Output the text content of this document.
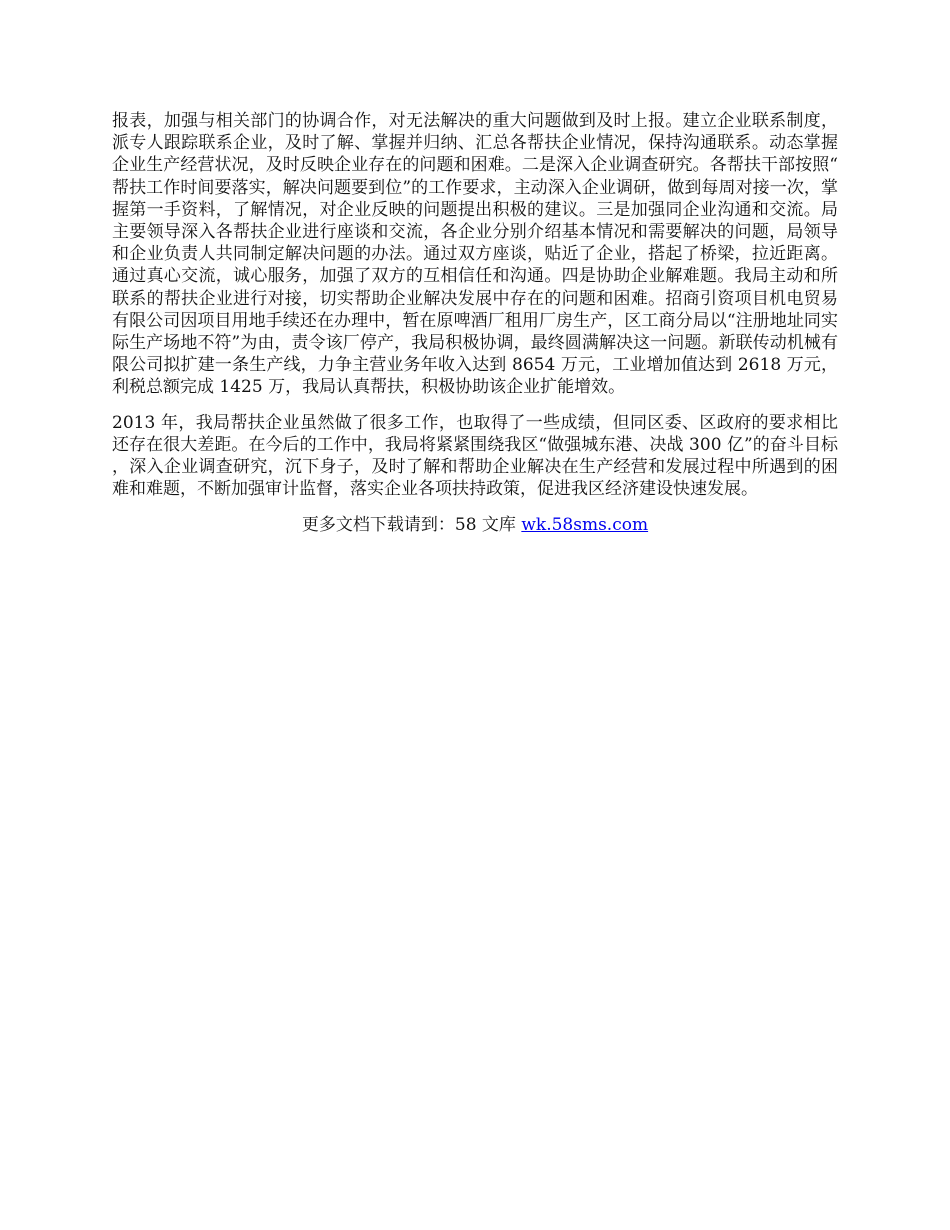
报表，加强与相关部门的协调合作，对无法解决的重大问题做到及时上报。建立企业联系制度，派专人跟踪联系企业，及时了解、掌握并归纳、汇总各帮扶企业情况，保持沟通联系。动态掌握企业生产经营状况，及时反映企业存在的问题和困难。二是深入企业调查研究。各帮扶干部按照“帮扶工作时间要落实，解决问题要到位”的工作要求，主动深入企业调研，做到每周对接一次，掌握第一手资料，了解情况，对企业反映的问题提出积极的建议。三是加强同企业沟通和交流。局主要领导深入各帮扶企业进行座谈和交流，各企业分别介绍基本情况和需要解决的问题，局领导和企业负责人共同制定解决问题的办法。通过双方座谈，贴近了企业，搭起了桥梁，拉近距离。通过真心交流，诚心服务，加强了双方的互相信任和沟通。四是协助企业解难题。我局主动和所联系的帮扶企业进行对接，切实帮助企业解决发展中存在的问题和困难。招商引资项目机电贸易有限公司因项目用地手续还在办理中，暂在原啤酒厂租用厂房生产，区工商分局以“注册地址同实际生产场地不符”为由，责令该厂停产，我局积极协调，最终圆满解决这一问题。新联传动机械有限公司拟扩建一条生产线，力争主营业务年收入达到 8654 万元，工业增加值达到 2618 万元，利税总额完成 1425 万，我局认真帮扶，积极协助该企业扩能增效。

2013 年，我局帮扶企业虽然做了很多工作，也取得了一些成绩，但同区委、区政府的要求相比还存在很大差距。在今后的工作中，我局将紧紧围绕我区“做强城东港、决战 300 亿”的奋斗目标，深入企业调查研究，沉下身子，及时了解和帮助企业解决在生产经营和发展过程中所遇到的困难和难题，不断加强审计监督，落实企业各项扶持政策，促进我区经济建设快速发展。

更多文档下载请到：58 文库 wk.58sms.com
